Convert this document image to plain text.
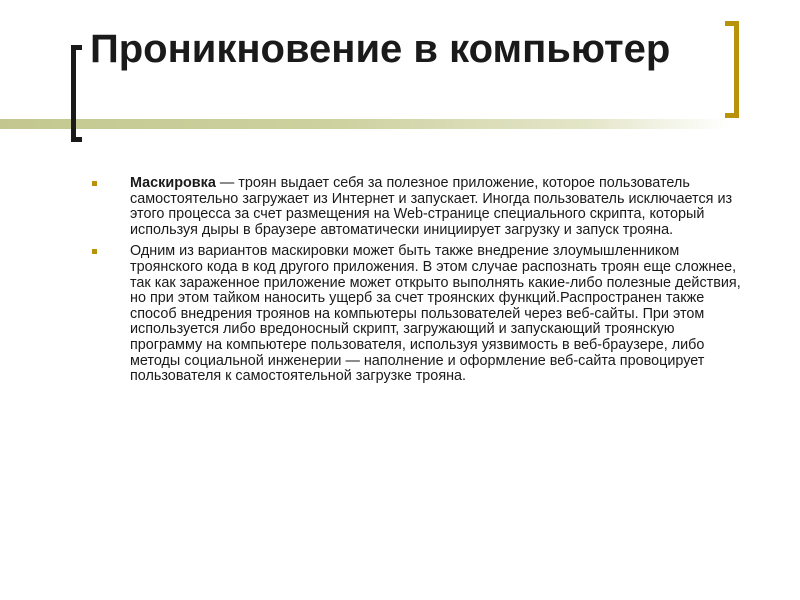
Проникновение в компьютер
Маскировка — троян выдает себя за полезное приложение, которое пользователь самостоятельно загружает из Интернет и запускает. Иногда пользователь исключается из этого процесса за счет размещения на Web-странице специального скрипта, который используя дыры в браузере автоматически инициирует загрузку и запуск трояна.
Одним из вариантов маскировки может быть также внедрение злоумышленником троянского кода в код другого приложения. В этом случае распознать троян еще сложнее, так как зараженное приложение может открыто выполнять какие-либо полезные действия, но при этом тайком наносить ущерб за счет троянских функций.Распространен также способ внедрения троянов на компьютеры пользователей через веб-сайты. При этом используется либо вредоносный скрипт, загружающий и запускающий троянскую программу на компьютере пользователя, используя уязвимость в веб-браузере, либо методы социальной инженерии — наполнение и оформление веб-сайта провоцирует пользователя к самостоятельной загрузке трояна.
